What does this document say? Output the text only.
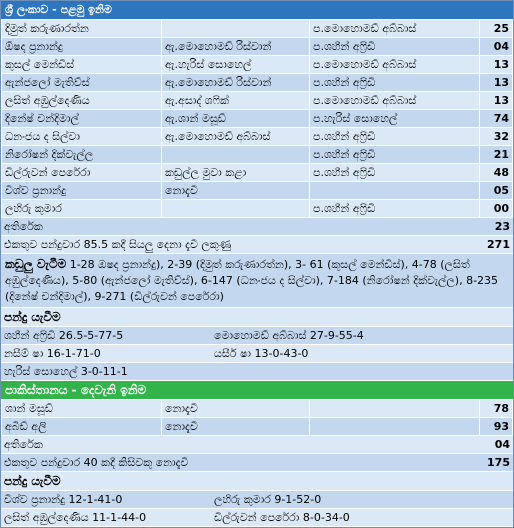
ශ්‍රී ලංකාව - පළමු ඉනිම
දිමුත් කරුණාරත්න		ප.මොහොමඩ් අබ්බාස්	25
ඕෂද ප්‍රනාන්දු	ඇ.මොහොමඩ් රිස්වාන්	ප.ශහීන් අෆ්‍රිඩි	04
කුසල් මෙන්ඩිස්	ඇ.හැරිස් සොහෙල්	ප.මොහොමඩ් අබ්බාස්	13
ඇන්ජලෝ මැතිව්ස්	ඇ.මොහොමඩ් රිස්වාන්	ප.ශහීන් අෆ්‍රිඩි	13
ලසිත් අඹුල්දෙණිය	ඇ.අසාද් ශෆික්	ප.මොහොමඩ් අබ්බාස්	13
දිනේෂ් චන්දිමාල්	ඇ.ශාන් මසූඩ්	ප.හැරිස් සොහෙල්	74
ධනංජය ද සිල්වා	ඇ.මොහොමඩ් අබ්බාස්	ප.ශහීන් අෆ්‍රිඩි	32
නිරෝෂන් දික්වැල්ල		ප.ශහීන් අෆ්‍රිඩි	21
ඩිල්රුවන් පෙරේරා	කඩුල්ල මුවා කළා	ප.ශහීන් අෆ්‍රිඩි	48
විශ්ව ප්‍රනාන්දු	නොදැවී		05
ලහිරු කුමාර		ප.ශහීන් අෆ්‍රිඩි	00
අතිරේක	23
එකතුව පන්දුවාර 85.5 කදී සියලු දෙනා දැවී ලකුණු	271
කඩුලු වැටීම 1-28 ඔෂද ප්‍රනාන්දු), 2-39 (දිමුත් කරුණාරත්න), 3- 61 (කුසල් මෙන්ඩිස්), 4-78 (ලසිත් අඹුල්දෙණිය), 5-80 (ඇන්ජලෝ මැතිව්ස්), 6-147 (ධනංජය ද සිල්වා), 7-184 (නිරෝෂන් දික්වැල්ල), 8-235 (දිනේෂ් චන්දිමාල්), 9-271 (ඩිල්රුවන් පෙරේරා)
පන්දු යැවීම
ශහීන් අෆ්‍රිඩි 26.5-5-77-5	මොහොමඩ් අබ්බාස් 27-9-55-4
නසීම් ෂා 16-1-71-0	යසීර් ෂා 13-0-43-0
හැරිස් සොහෙල් 3-0-11-1
පාකිස්තානය - දෙවැනි ඉනිම
ශාන් මසූඩ්	නොදැවී		78
අබිඩ් අලි	නොදැවී		93
අතිරේක	04
එකතුව පන්දුවාර 40 කදී කිසිවකු නොදැවී	175
පන්දු යැවීම
විශ්ව ප්‍රනාන්දු 12-1-41-0	ලහිරු කුමාර 9-1-52-0
ලසිත් අඹුල්දෙණිය 11-1-44-0	ඩිල්රුවන් පෙරේරා 8-0-34-0
